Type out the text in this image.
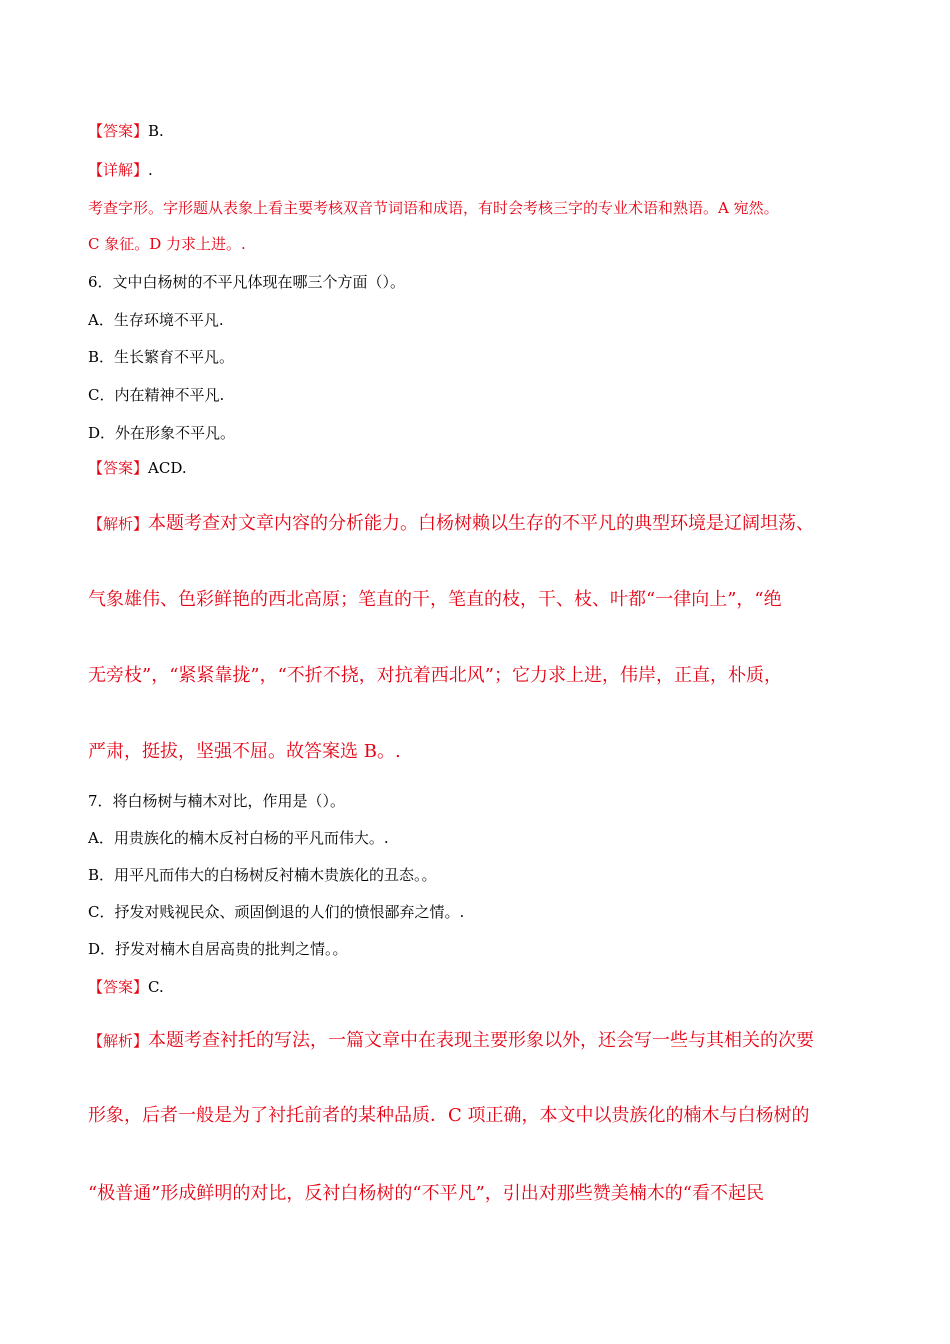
【答案】B.
【详解】.
考查字形。字形题从表象上看主要考核双音节词语和成语，有时会考核三字的专业术语和熟语。A 宛然。
C 象征。D 力求上进。.
6．文中白杨树的不平凡体现在哪三个方面（）。
A．生存环境不平凡.
B．生长繁育不平凡。
C．内在精神不平凡.
D．外在形象不平凡。
【答案】ACD.
【解析】本题考查对文章内容的分析能力。白杨树赖以生存的不平凡的典型环境是辽阔坦荡、
气象雄伟、色彩鲜艳的西北高原；笔直的干，笔直的枝，干、枝、叶都“一律向上”，“绝
无旁枝”，“紧紧靠拢”，“不折不挠，对抗着西北风”；它力求上进，伟岸，正直，朴质，
严肃，挺拔，坚强不屈。故答案选 B。.
7．将白杨树与楠木对比，作用是（）。
A．用贵族化的楠木反衬白杨的平凡而伟大。.
B．用平凡而伟大的白杨树反衬楠木贵族化的丑态。。
C．抒发对贱视民众、顽固倒退的人们的愤恨鄙弃之情。.
D．抒发对楠木自居高贵的批判之情。。
【答案】C.
【解析】本题考查衬托的写法，一篇文章中在表现主要形象以外，还会写一些与其相关的次要
形象，后者一般是为了衬托前者的某种品质．C 项正确，本文中以贵族化的楠木与白杨树的
“极普通”形成鲜明的对比，反衬白杨树的“不平凡”，引出对那些赞美楠木的“看不起民
